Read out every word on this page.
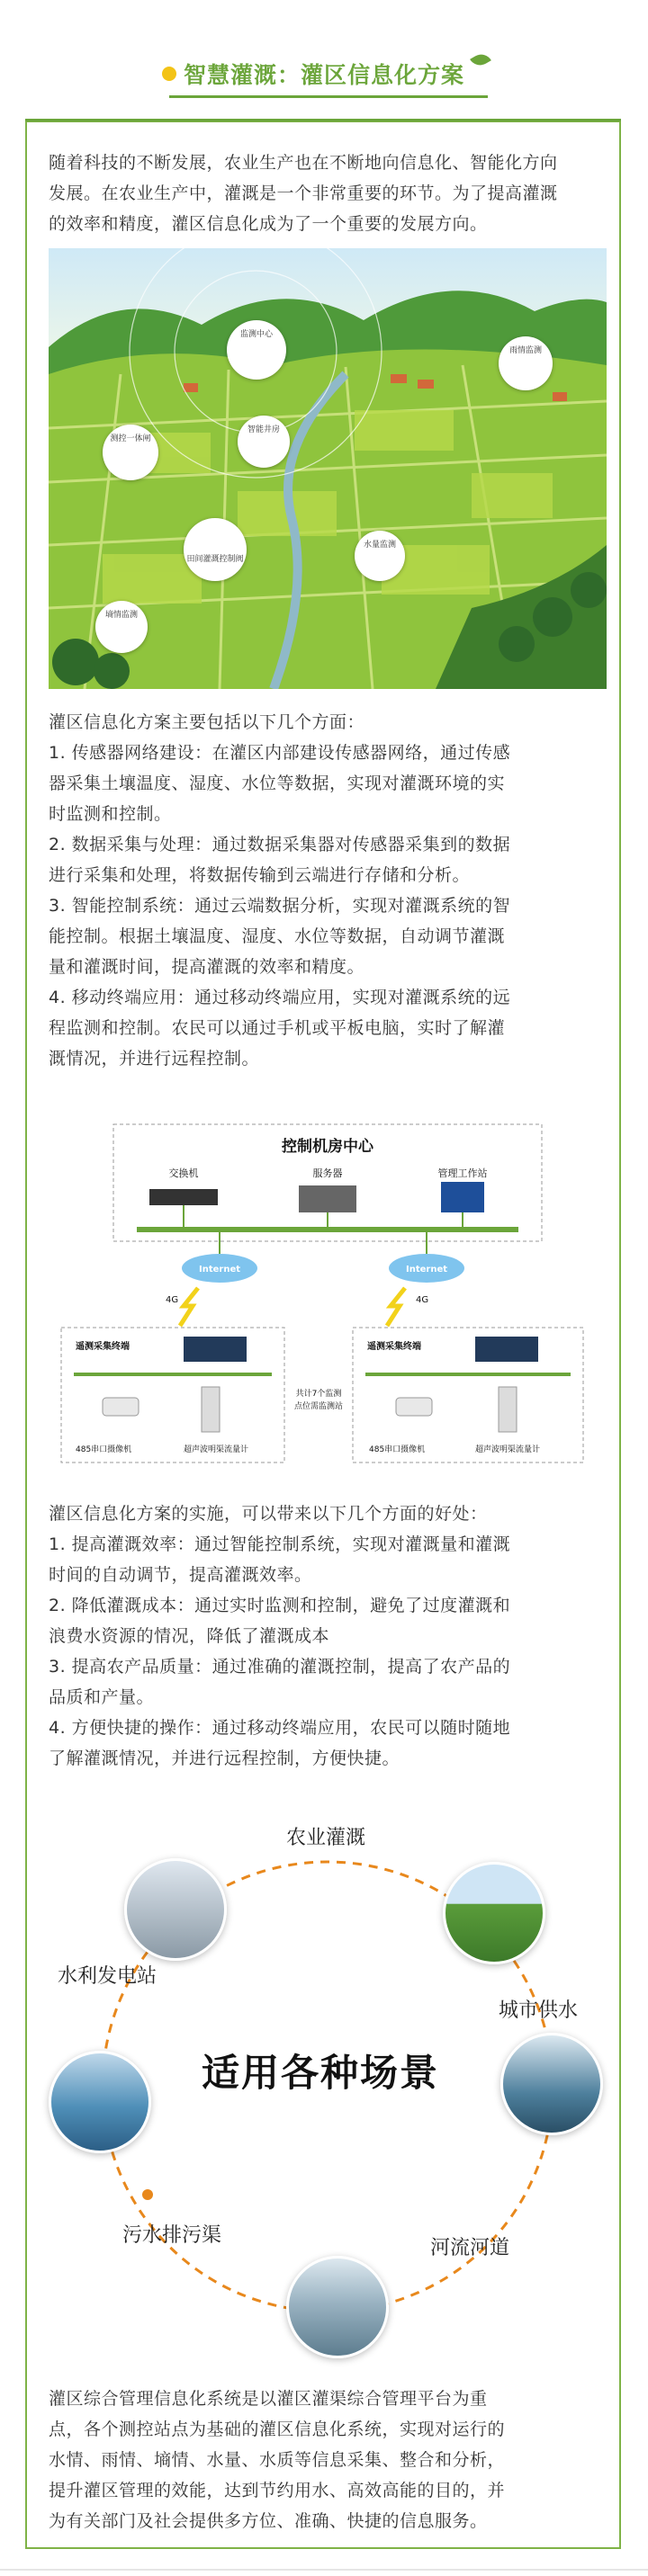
智慧灌溉：灌区信息化方案

随着科技的不断发展，农业生产也在不断地向信息化、智能化方向

发展。在农业生产中，灌溉是一个非常重要的环节。为了提高灌溉

的效率和精度，灌区信息化成为了一个重要的发展方向。

监测中心
雨情监测
测控一体闸
智能井房
田间灌溉控制阀
水量监测
墒情监测

灌区信息化方案主要包括以下几个方面：

1. 传感器网络建设：在灌区内部建设传感器网络，通过传感

器采集土壤温度、湿度、水位等数据，实现对灌溉环境的实

时监测和控制。

2. 数据采集与处理：通过数据采集器对传感器采集到的数据

进行采集和处理，将数据传输到云端进行存储和分析。

3. 智能控制系统：通过云端数据分析，实现对灌溉系统的智

能控制。根据土壤温度、湿度、水位等数据，自动调节灌溉

量和灌溉时间，提高灌溉的效率和精度。

4. 移动终端应用：通过移动终端应用，实现对灌溉系统的远

程监测和控制。农民可以通过手机或平板电脑，实时了解灌

溉情况，并进行远程控制。

控制机房中心
交换机	服务器	管理工作站
Internet	Internet
4G	4G
遥测采集终端	遥测采集终端
485串口摄像机	超声波明渠流量计	485串口摄像机	超声波明渠流量计
共计7个监测
点位需监测站

灌区信息化方案的实施，可以带来以下几个方面的好处：

1. 提高灌溉效率：通过智能控制系统，实现对灌溉量和灌溉

时间的自动调节，提高灌溉效率。

2. 降低灌溉成本：通过实时监测和控制，避免了过度灌溉和

浪费水资源的情况，降低了灌溉成本

3. 提高农产品质量：通过准确的灌溉控制，提高了农产品的

品质和产量。

4. 方便快捷的操作：通过移动终端应用，农民可以随时随地

了解灌溉情况，并进行远程控制，方便快捷。

农业灌溉
水利发电站
城市供水
污水排污渠
河流河道
适用各种场景

灌区综合管理信息化系统是以灌区灌渠综合管理平台为重

点，各个测控站点为基础的灌区信息化系统，实现对运行的

水情、雨情、墒情、水量、水质等信息采集、整合和分析，

提升灌区管理的效能，达到节约用水、高效高能的目的，并

为有关部门及社会提供多方位、准确、快捷的信息服务。
